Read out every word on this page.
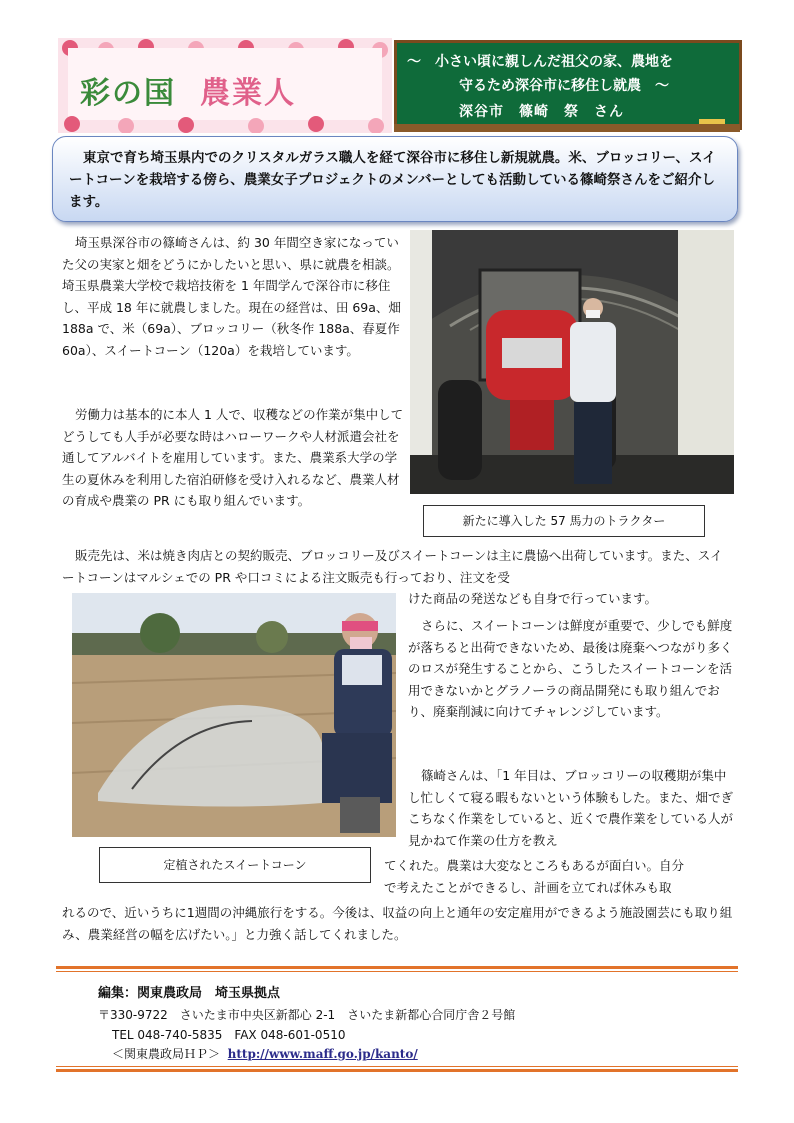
彩の国 農業人
～　小さい頃に親しんだ祖父の家、農地を
守るため深谷市に移住し就農　～
深谷市　篠崎　祭　さん

東京で育ち埼玉県内でのクリスタルガラス職人を経て深谷市に移住し新規就農。米、ブロッコリー、スイートコーンを栽培する傍ら、農業女子プロジェクトのメンバーとしても活動している篠崎祭さんをご紹介します。

埼玉県深谷市の篠崎さんは、約 30 年間空き家になっていた父の実家と畑をどうにかしたいと思い、県に就農を相談。埼玉県農業大学校で栽培技術を 1 年間学んで深谷市に移住し、平成 18 年に就農しました。現在の経営は、田 69a、畑 188a で、米（69a）、ブロッコリー（秋冬作 188a、春夏作 60a）、スイートコーン（120a）を栽培しています。

労働力は基本的に本人 1 人で、収穫などの作業が集中してどうしても人手が必要な時はハローワークや人材派遣会社を通してアルバイトを雇用しています。また、農業系大学の学生の夏休みを利用した宿泊研修を受け入れるなど、農業人材の育成や農業の PR にも取り組んでいます。

新たに導入した 57 馬力のトラクター

販売先は、米は焼き肉店との契約販売、ブロッコリー及びスイートコーンは主に農協へ出荷しています。また、スイートコーンはマルシェでの PR や口コミによる注文販売も行っており、注文を受

けた商品の発送なども自身で行っています。

さらに、スイートコーンは鮮度が重要で、少しでも鮮度が落ちると出荷できないため、最後は廃棄へつながり多くのロスが発生することから、こうしたスイートコーンを活用できないかとグラノーラの商品開発にも取り組んでおり、廃棄削減に向けてチャレンジしています。

篠崎さんは、「1 年目は、ブロッコリーの収穫期が集中し忙しくて寝る暇もないという体験もした。また、畑でぎこちなく作業をしていると、近くで農作業をしている人が見かねて作業の仕方を教え

定植されたスイートコーン	てくれた。農業は大変なところもあるが面白い。自分

で考えたことができるし、計画を立てれば休みも取

れるので、近いうちに1週間の沖縄旅行をする。今後は、収益の向上と通年の安定雇用ができるよう施設園芸にも取り組み、農業経営の幅を広げたい。」と力強く話してくれました。

編集：関東農政局　埼玉県拠点

〒330-9722　さいたま市中央区新都心 2-1　さいたま新都心合同庁舎２号館

TEL 048-740-5835　FAX 048-601-0510

＜関東農政局ＨＰ＞ http://www.maff.go.jp/kanto/
